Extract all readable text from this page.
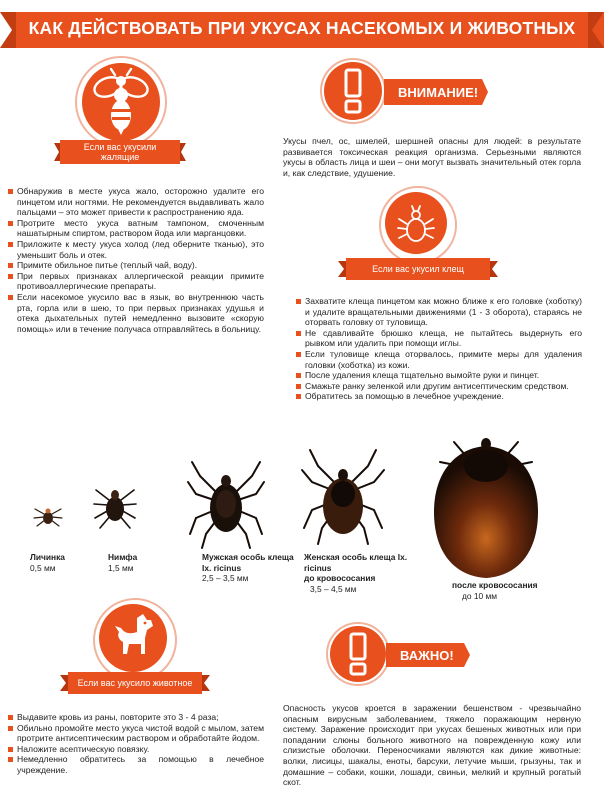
КАК ДЕЙСТВОВАТЬ ПРИ УКУСАХ НАСЕКОМЫХ И ЖИВОТНЫХ
Если вас укусили жалящие насекомые
Обнаружив в месте укуса жало, осторожно удалите его пинцетом или ногтями. Не рекомендуется выдавливать жало пальцами – это может привести к распространению яда.
Протрите место укуса ватным тампоном, смоченным нашатырным спиртом, раствором йода или марганцовки.
Приложите к месту укуса холод (лед оберните тканью), это уменьшит боль и отек.
Примите обильное питье (теплый чай, воду).
При первых признаках аллергической реакции примите противоаллергические препараты.
Если насекомое укусило вас в язык, во внутреннюю часть рта, горла или в шею, то при первых признаках удушья и отека дыхательных путей немедленно вызовите «скорую помощь» или в течение получаса отправляйтесь в больницу.
ВНИМАНИЕ!
Укусы пчел, ос, шмелей, шершней опасны для людей: в результате развивается токсическая реакция организма. Серьезными являются укусы в область лица и шеи – они могут вызвать значительный отек горла и, как следствие, удушение.
Если вас укусил клещ
Захватите клеща пинцетом как можно ближе к его головке (хоботку) и удалите вращательными движениями (1 - 3 оборота), стараясь не оторвать головку от туловища.
Не сдавливайте брюшко клеща, не пытайтесь выдернуть его рывком или удалить при помощи иглы.
Если туловище клеща оторвалось, примите меры для удаления головки (хоботка) из кожи.
После удаления клеща тщательно вымойте руки и пинцет.
Смажьте ранку зеленкой или другим антисептическим средством.
Обратитесь за помощью в лечебное учреждение.
Личинка
0,5 мм
Нимфа
1,5 мм
Мужская особь клеща Ix. ricinus
2,5 – 3,5 мм
Женская особь клеща Ix. ricinus
до кровососания
3,5 – 4,5 мм	после кровососания
до 10 мм
Если вас укусило животное
Выдавите кровь из раны, повторите это 3 - 4 раза;
Обильно промойте место укуса чистой водой с мылом, затем протрите антисептическим раствором и обработайте йодом.
Наложите асептическую повязку.
Немедленно обратитесь за помощью в лечебное учреждение.
ВАЖНО!
Опасность укусов кроется в заражении бешенством - чрезвычайно опасным вирусным заболеванием, тяжело поражающим нервную систему. Заражение происходит при укусах бешеных животных или при попадании слюны больного животного на поврежденную кожу или слизистые оболочки. Переносчиками являются как дикие животные: волки, лисицы, шакалы, еноты, барсуки, летучие мыши, грызуны, так и домашние – собаки, кошки, лошади, свиньи, мелкий и крупный рогатый скот.
